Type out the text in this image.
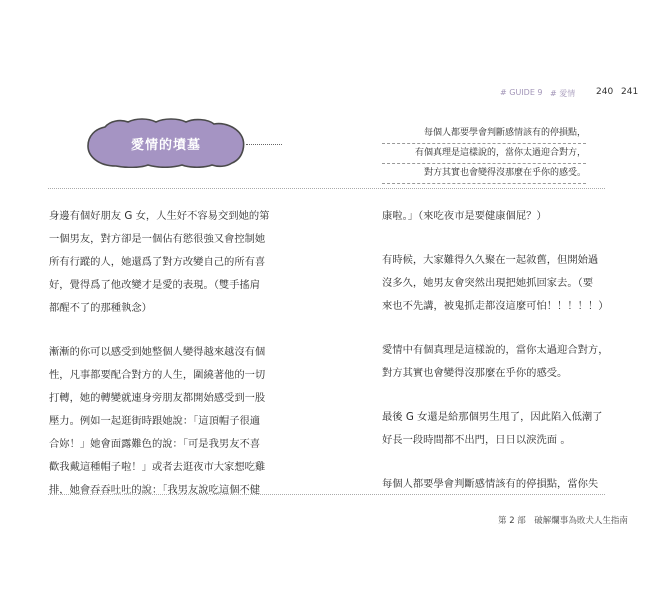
# GUIDE 9 # 愛情 240 241
愛情的墳墓
每個人都要學會判斷感情該有的停損點，
有個真理是這樣說的，當你太過迎合對方，
對方其實也會變得沒那麼在乎你的感受。
身邊有個好朋友 G 女，人生好不容易交到她的第
一個男友，對方卻是一個佔有慾很強又會控制她
所有行蹤的人，她還爲了對方改變自己的所有喜
好，覺得爲了他改變才是愛的表現。（雙手搖肩
都醒不了的那種執念）
漸漸的你可以感受到她整個人變得越來越沒有個
性，凡事都要配合對方的人生，圍繞著他的一切
打轉，她的轉變就連身旁朋友都開始感受到一股
壓力。例如一起逛街時跟她說：「這頂帽子很適
合妳！」她會面露難色的說：「可是我男友不喜
歡我戴這種帽子啦！」或者去逛夜市大家想吃雞
排，她會吞吞吐吐的說：「我男友說吃這個不健
康啦。」（來吃夜市是要健康個屁？）
有時候，大家難得久久聚在一起敘舊，但開始過
沒多久，她男友會突然出現把她抓回家去。（要
來也不先講，被鬼抓走都沒這麼可怕！！！！！）
愛情中有個真理是這樣說的，當你太過迎合對方，
對方其實也會變得沒那麼在乎你的感受。
最後 G 女還是給那個男生甩了，因此陷入低潮了
好長一段時間都不出門，日日以淚洗面 。
每個人都要學會判斷感情該有的停損點，當你失
第 2 部　破解爛事為敗犬人生指南
